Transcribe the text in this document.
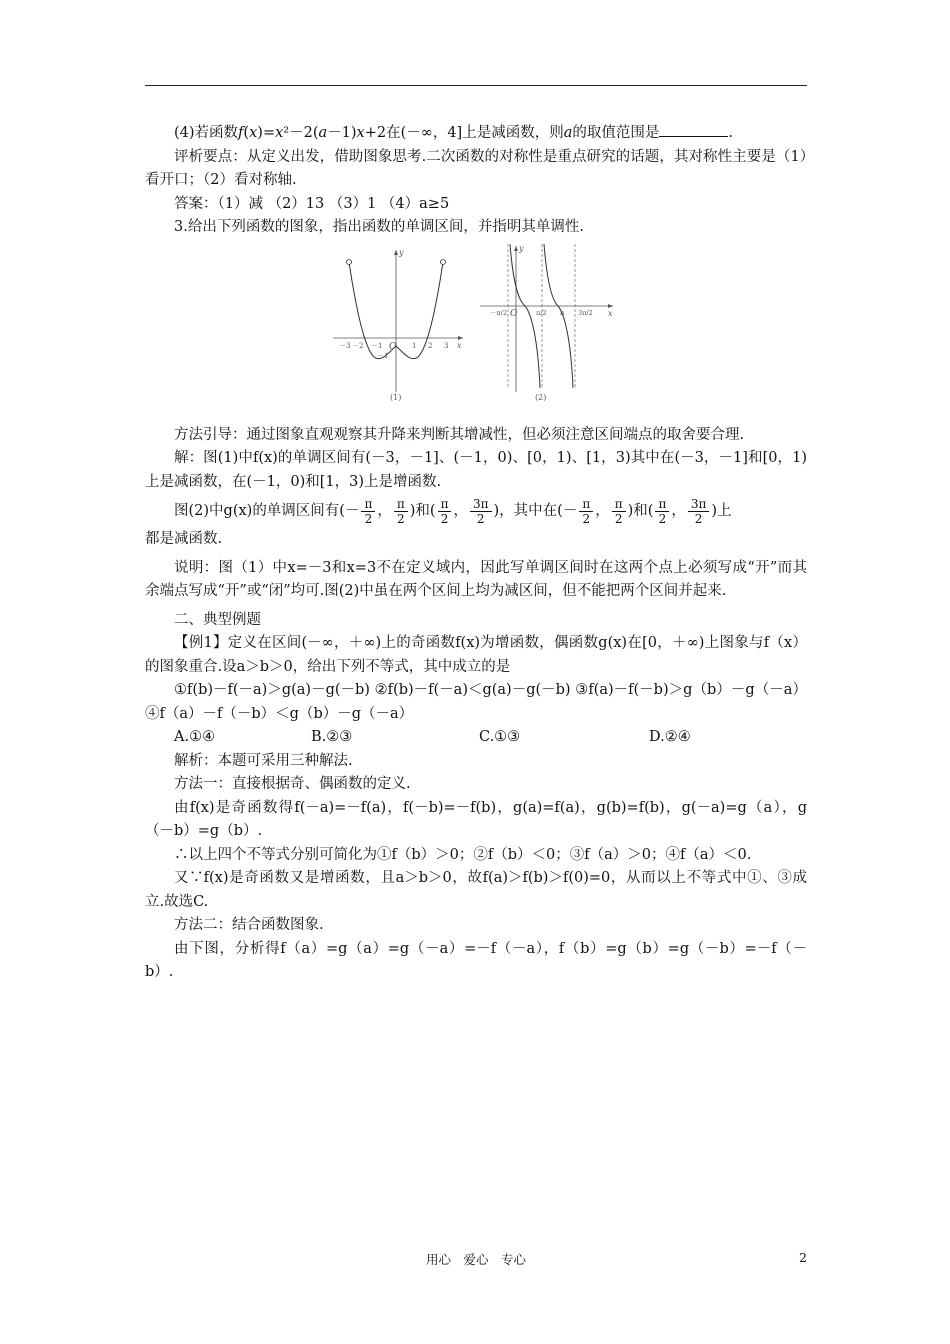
(4)若函数f(x)=x²－2(a－1)x+2在(－∞，4]上是减函数，则a的取值范围是	.

评析要点：从定义出发，借助图象思考.二次函数的对称性是重点研究的话题，其对称性主要是（1）看开口；（2）看对称轴.

答案：（1）减 （2）13 （3）1 （4）a≥5

3.给出下列函数的图象，指出函数的单调区间，并指明其单调性.

y
x
O
－3 －2 －1	1 2 3
－1
(1)
y
x
O
－π/2	π/2 π 3π/2
(2)

方法引导：通过图象直观观察其升降来判断其增减性，但必须注意区间端点的取舍要合理.

解：图(1)中f(x)的单调区间有(－3，－1]、(－1，0)、[0，1)、[1，3)其中在(－3，－1]和[0，1)上是减函数，在(－1，0)和[1，3)上是增函数.

图(2)中g(x)的单调区间有(－ $\frac{\pi}{2}$ ， $\frac{\pi}{2}$ )和( $\frac{\pi}{2}$ ， $\frac{3\pi}{2}$ )，其中在(－ $\frac{\pi}{2}$ ， $\frac{\pi}{2}$ )和( $\frac{\pi}{2}$ ， $\frac{3\pi}{2}$ )上

都是减函数.

说明：图（1）中x=－3和x=3不在定义域内，因此写单调区间时在这两个点上必须写成“开”而其余端点写成“开”或“闭”均可.图(2)中虽在两个区间上均为减区间，但不能把两个区间并起来.

二、典型例题

【例1】定义在区间(－∞，＋∞)上的奇函数f(x)为增函数，偶函数g(x)在[0，＋∞)上图象与f（x）的图象重合.设a＞b＞0，给出下列不等式，其中成立的是

①f(b)－f(－a)＞g(a)－g(－b) ②f(b)－f(－a)＜g(a)－g(－b) ③f(a)－f(－b)＞g（b）－g（－a） ④f（a）－f（－b）＜g（b）－g（－a）

A.①④	B.②③	C.①③	D.②④

解析：本题可采用三种解法.

方法一：直接根据奇、偶函数的定义.

由f(x)是奇函数得f(－a)=－f(a)，f(－b)=－f(b)，g(a)=f(a)，g(b)=f(b)，g(－a)=g（a），g（－b）=g（b）.

∴以上四个不等式分别可简化为①f（b）＞0；②f（b）＜0；③f（a）＞0；④f（a）＜0.

又∵f(x)是奇函数又是增函数，且a＞b＞0，故f(a)＞f(b)＞f(0)=0，从而以上不等式中①、③成立.故选C.

方法二：结合函数图象.

由下图，分析得f（a）=g（a）=g（－a）=－f（－a），f（b）=g（b）=g（－b）=－f（－b）.

用心　爱心　专心	2
